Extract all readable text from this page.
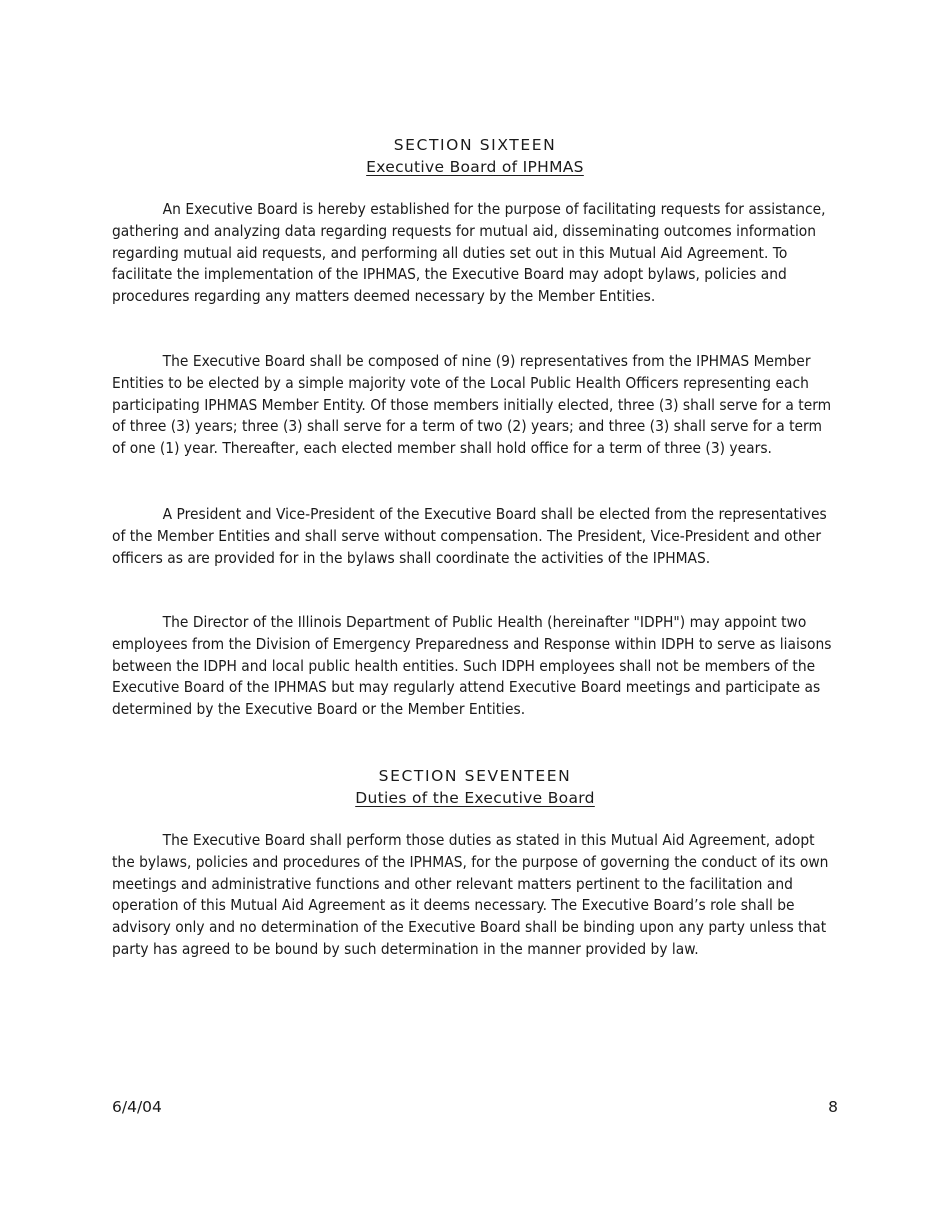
SECTION SIXTEEN
Executive Board of IPHMAS

An Executive Board is hereby established for the purpose of facilitating requests for assistance, gathering and analyzing data regarding requests for mutual aid, disseminating outcomes information regarding mutual aid requests, and performing all duties set out in this Mutual Aid Agreement. To facilitate the implementation of the IPHMAS, the Executive Board may adopt bylaws, policies and procedures regarding any matters deemed necessary by the Member Entities.

The Executive Board shall be composed of nine (9) representatives from the IPHMAS Member Entities to be elected by a simple majority vote of the Local Public Health Officers representing each participating IPHMAS Member Entity. Of those members initially elected, three (3) shall serve for a term of three (3) years; three (3) shall serve for a term of two (2) years; and three (3) shall serve for a term of one (1) year. Thereafter, each elected member shall hold office for a term of three (3) years.

A President and Vice-President of the Executive Board shall be elected from the representatives of the Member Entities and shall serve without compensation. The President, Vice-President and other officers as are provided for in the bylaws shall coordinate the activities of the IPHMAS.

The Director of the Illinois Department of Public Health (hereinafter "IDPH") may appoint two employees from the Division of Emergency Preparedness and Response within IDPH to serve as liaisons between the IDPH and local public health entities. Such IDPH employees shall not be members of the Executive Board of the IPHMAS but may regularly attend Executive Board meetings and participate as determined by the Executive Board or the Member Entities.

SECTION SEVENTEEN
Duties of the Executive Board

The Executive Board shall perform those duties as stated in this Mutual Aid Agreement, adopt the bylaws, policies and procedures of the IPHMAS, for the purpose of governing the conduct of its own meetings and administrative functions and other relevant matters pertinent to the facilitation and operation of this Mutual Aid Agreement as it deems necessary. The Executive Board’s role shall be advisory only and no determination of the Executive Board shall be binding upon any party unless that party has agreed to be bound by such determination in the manner provided by law.

6/4/04	8
